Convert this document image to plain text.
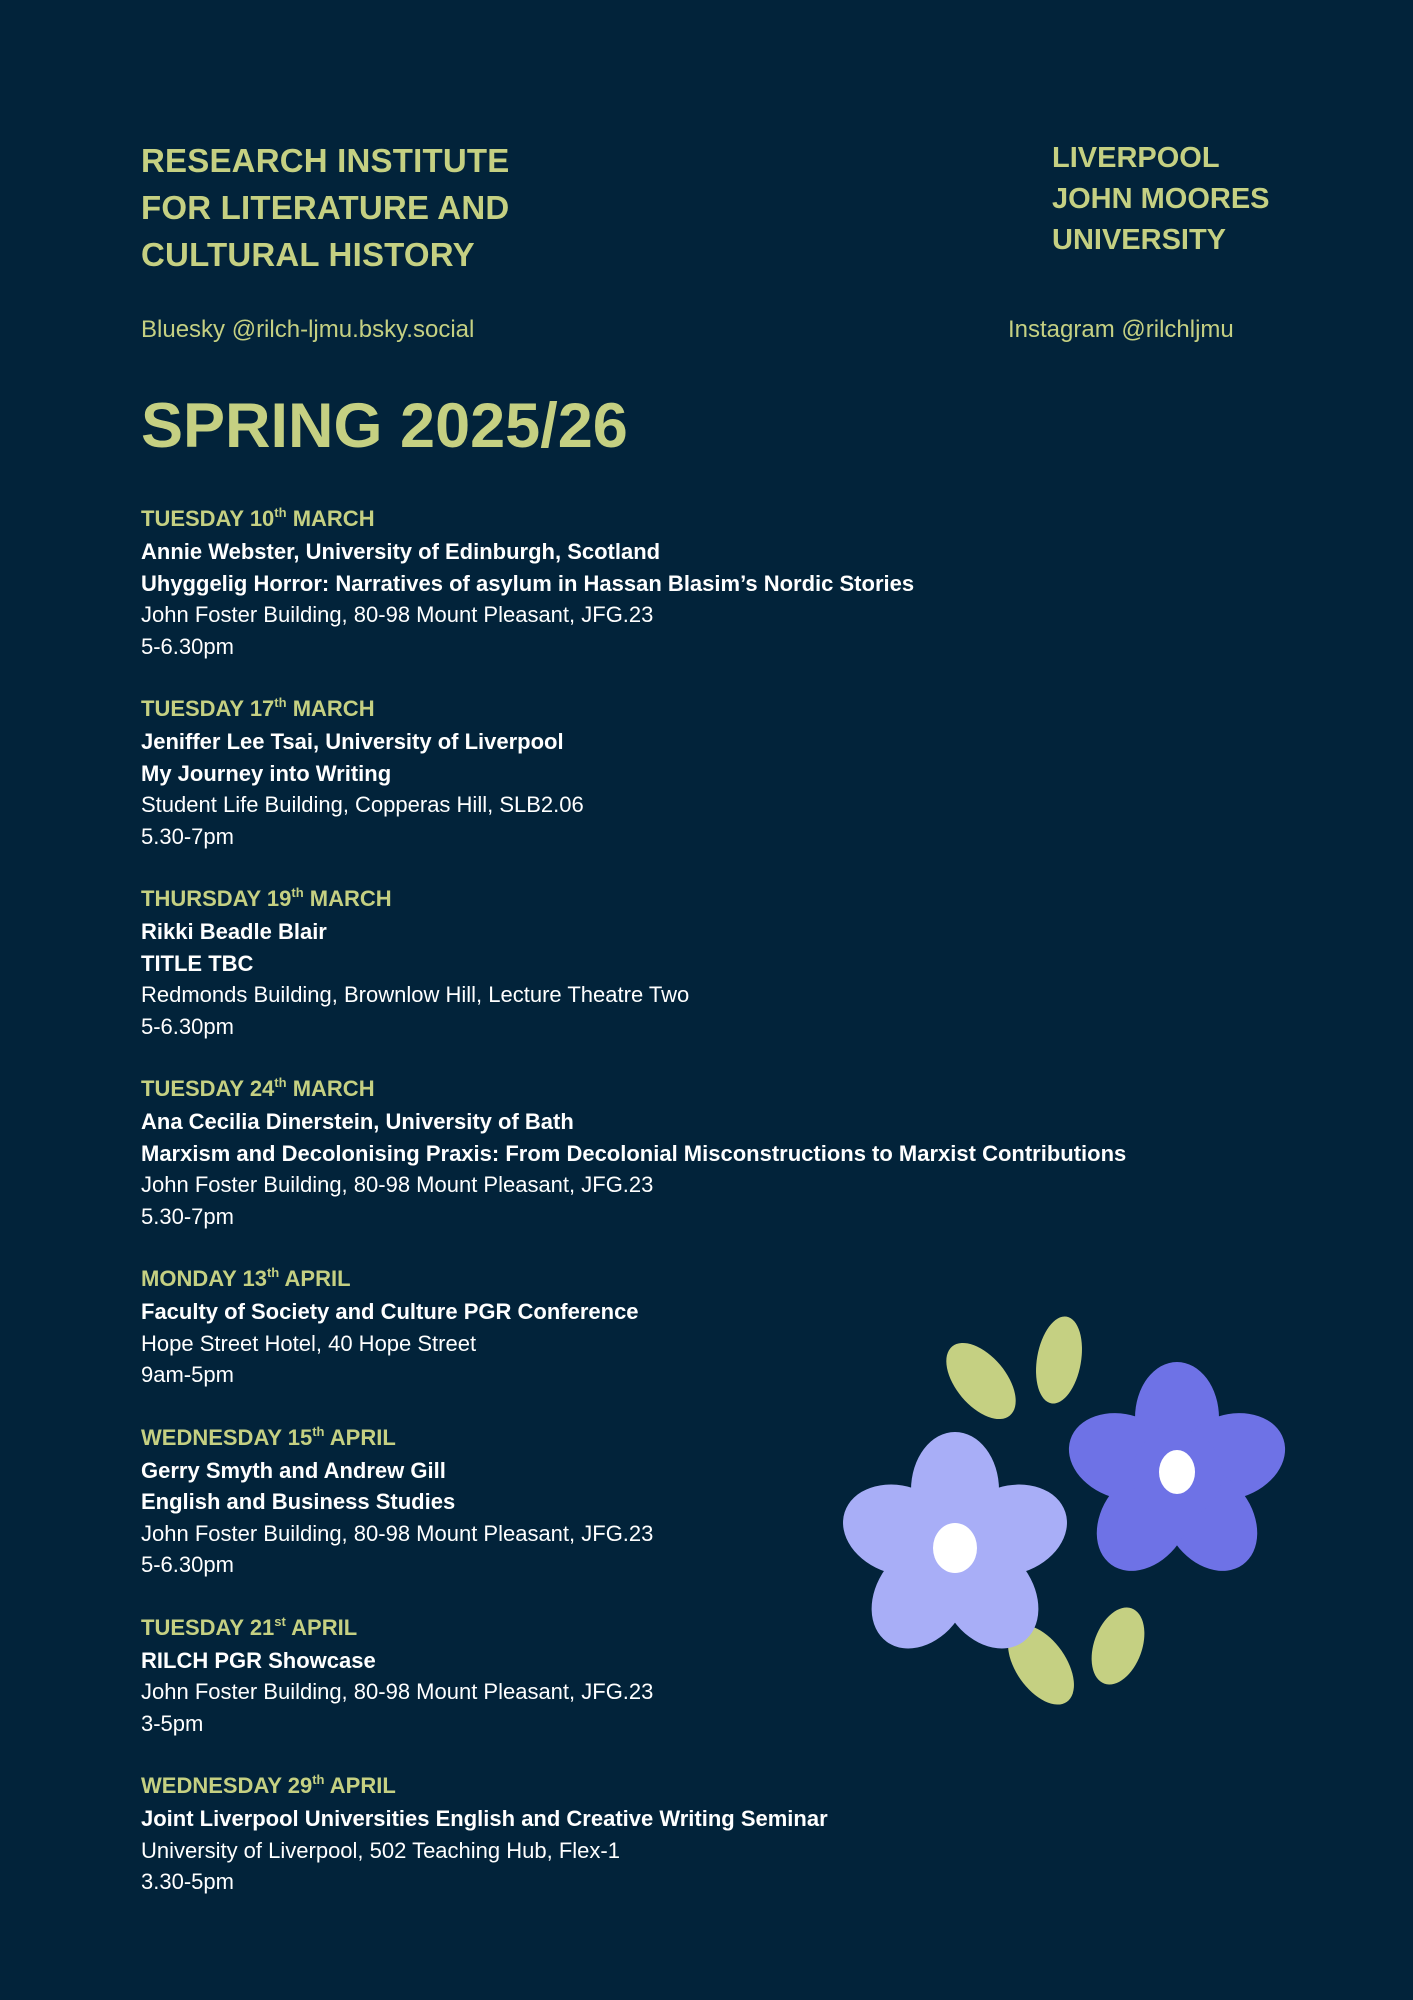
RESEARCH INSTITUTE
FOR LITERATURE AND
CULTURAL HISTORY
LIVERPOOL
JOHN MOORES
UNIVERSITY
Bluesky @rilch-ljmu.bsky.social	Instagram @rilchljmu
SPRING 2025/26
TUESDAY 10th MARCH
Annie Webster, University of Edinburgh, Scotland
Uhyggelig Horror: Narratives of asylum in Hassan Blasim’s Nordic Stories
John Foster Building, 80-98 Mount Pleasant, JFG.23
5-6.30pm
TUESDAY 17th MARCH
Jeniffer Lee Tsai, University of Liverpool
My Journey into Writing
Student Life Building, Copperas Hill, SLB2.06
5.30-7pm
THURSDAY 19th MARCH
Rikki Beadle Blair
TITLE TBC
Redmonds Building, Brownlow Hill, Lecture Theatre Two
5-6.30pm
TUESDAY 24th MARCH
Ana Cecilia Dinerstein, University of Bath
Marxism and Decolonising Praxis: From Decolonial Misconstructions to Marxist Contributions
John Foster Building, 80-98 Mount Pleasant, JFG.23
5.30-7pm
MONDAY 13th APRIL
Faculty of Society and Culture PGR Conference
Hope Street Hotel, 40 Hope Street
9am-5pm
WEDNESDAY 15th APRIL
Gerry Smyth and Andrew Gill
English and Business Studies
John Foster Building, 80-98 Mount Pleasant, JFG.23
5-6.30pm
TUESDAY 21st APRIL
RILCH PGR Showcase
John Foster Building, 80-98 Mount Pleasant, JFG.23
3-5pm
WEDNESDAY 29th APRIL
Joint Liverpool Universities English and Creative Writing Seminar
University of Liverpool, 502 Teaching Hub, Flex-1
3.30-5pm
